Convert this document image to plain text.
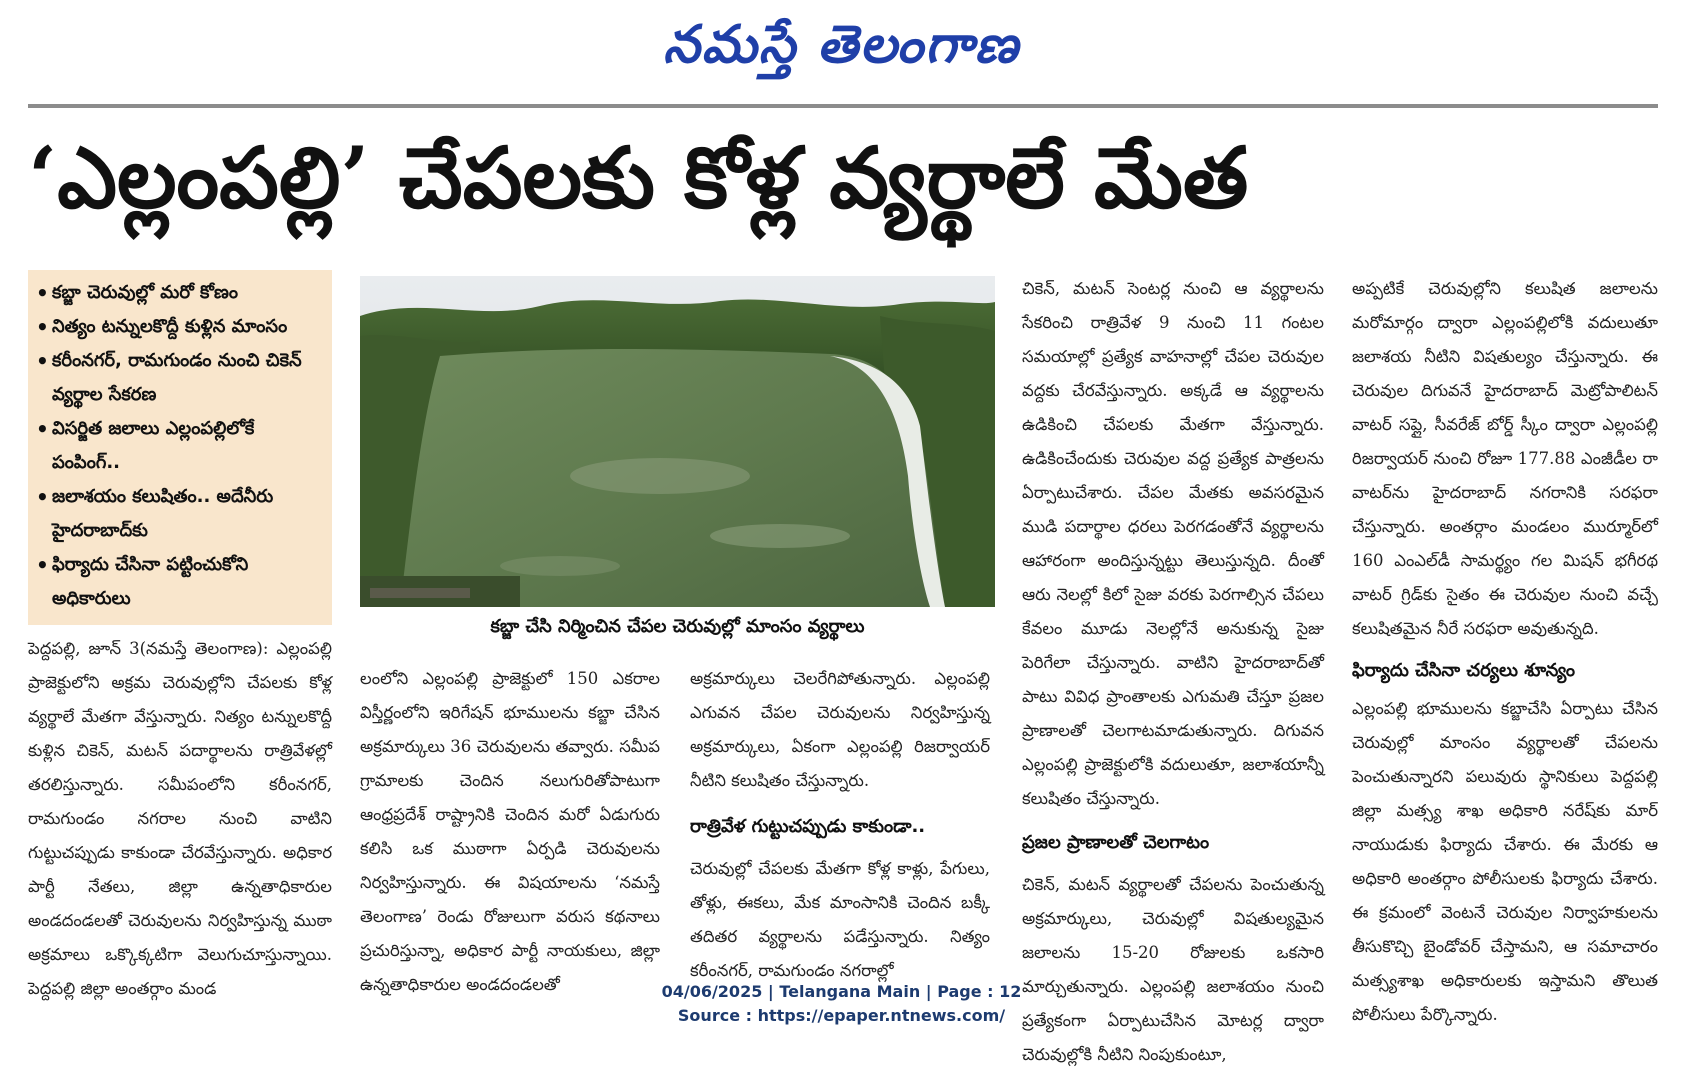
నమస్తే తెలంగాణ
‘ఎల్లంపల్లి’ చేపలకు కోళ్ల వ్యర్థాలే మేత
• కబ్జా చెరువుల్లో మరో కోణం
• నిత్యం టన్నులకొద్దీ కుళ్లిన మాంసం
• కరీంనగర్, రామగుండం నుంచి చికెన్ వ్యర్థాల సేకరణ
• విసర్జిత జలాలు ఎల్లంపల్లిలోకే పంపింగ్..
• జలాశయం కలుషితం.. అదేనీరు హైదరాబాద్‌కు
• ఫిర్యాదు చేసినా పట్టించుకోని అధికారులు
కబ్జా చేసి నిర్మించిన చేపల చెరువుల్లో మాంసం వ్యర్థాలు

పెద్దపల్లి, జూన్ 3(నమస్తే తెలంగాణ): ఎల్లంపల్లి ప్రాజెక్టులోని అక్రమ చెరువుల్లోని చేపలకు కోళ్ల వ్యర్థాలే మేతగా వేస్తున్నారు. నిత్యం టన్నులకొద్దీ కుళ్లిన చికెన్, మటన్ పదార్థాలను రాత్రివేళల్లో తరలిస్తున్నారు. సమీపంలోని కరీంనగర్, రామగుండం నగరాల నుంచి వాటిని గుట్టుచప్పుడు కాకుండా చేరవేస్తున్నారు. అధికార పార్టీ నేతలు, జిల్లా ఉన్నతాధికారుల అండదండలతో చెరువులను నిర్వహిస్తున్న ముఠా అక్రమాలు ఒక్కొక్కటిగా వెలుగుచూస్తున్నాయి. పెద్దపల్లి జిల్లా అంతర్గాం మండ

లంలోని ఎల్లంపల్లి ప్రాజెక్టులో 150 ఎకరాల విస్తీర్ణంలోని ఇరిగేషన్ భూములను కబ్జా చేసిన అక్రమార్కులు 36 చెరువులను తవ్వారు. సమీప గ్రామాలకు చెందిన నలుగురితోపాటుగా ఆంధ్రప్రదేశ్ రాష్ట్రానికి చెందిన మరో ఏడుగురు కలిసి ఒక ముఠాగా ఏర్పడి చెరువులను నిర్వహిస్తున్నారు. ఈ విషయాలను ‘నమస్తే తెలంగాణ’ రెండు రోజులుగా వరుస కథనాలు ప్రచురిస్తున్నా, అధికార పార్టీ నాయకులు, జిల్లా ఉన్నతాధికారుల అండదండలతో

అక్రమార్కులు చెలరేగిపోతున్నారు. ఎల్లంపల్లి ఎగువన చేపల చెరువులను నిర్వహిస్తున్న అక్రమార్కులు, ఏకంగా ఎల్లంపల్లి రిజర్వాయర్ నీటిని కలుషితం చేస్తున్నారు.

రాత్రివేళ గుట్టుచప్పుడు కాకుండా..

చెరువుల్లో చేపలకు మేతగా కోళ్ల కాళ్లు, పేగులు, తోళ్లు, ఈకలు, మేక మాంసానికి చెందిన బక్కీ తదితర వ్యర్థాలను పడేస్తున్నారు. నిత్యం కరీంనగర్, రామగుండం నగరాల్లో

చికెన్, మటన్ సెంటర్ల నుంచి ఆ వ్యర్థాలను సేకరించి రాత్రివేళ 9 నుంచి 11 గంటల సమయాల్లో ప్రత్యేక వాహనాల్లో చేపల చెరువుల వద్దకు చేరవేస్తున్నారు. అక్కడే ఆ వ్యర్థాలను ఉడికించి చేపలకు మేతగా వేస్తున్నారు. ఉడికించేందుకు చెరువుల వద్ద ప్రత్యేక పాత్రలను ఏర్పాటుచేశారు. చేపల మేతకు అవసరమైన ముడి పదార్థాల ధరలు పెరగడంతోనే వ్యర్థాలను ఆహారంగా అందిస్తున్నట్టు తెలుస్తున్నది. దీంతో ఆరు నెలల్లో కిలో సైజు వరకు పెరగాల్సిన చేపలు కేవలం మూడు నెలల్లోనే అనుకున్న సైజు పెరిగేలా చేస్తున్నారు. వాటిని హైదరాబాద్‌తో పాటు వివిధ ప్రాంతాలకు ఎగుమతి చేస్తూ ప్రజల ప్రాణాలతో చెలగాటమాడుతున్నారు. దిగువన ఎల్లంపల్లి ప్రాజెక్టులోకి వదులుతూ, జలాశయాన్నీ కలుషితం చేస్తున్నారు.

ప్రజల ప్రాణాలతో చెలగాటం

చికెన్, మటన్ వ్యర్థాలతో చేపలను పెంచుతున్న అక్రమార్కులు, చెరువుల్లో విషతుల్యమైన జలాలను 15-20 రోజులకు ఒకసారి మార్చుతున్నారు. ఎల్లంపల్లి జలాశయం నుంచి ప్రత్యేకంగా ఏర్పాటుచేసిన మోటర్ల ద్వారా చెరువుల్లోకి నీటిని నింపుకుంటూ,

అప్పటికే చెరువుల్లోని కలుషిత జలాలను మరోమార్గం ద్వారా ఎల్లంపల్లిలోకి వదులుతూ జలాశయ నీటిని విషతుల్యం చేస్తున్నారు. ఈ చెరువుల దిగువనే హైదరాబాద్ మెట్రోపాలిటన్ వాటర్ సప్లై, సీవరేజ్ బోర్డ్ స్కీం ద్వారా ఎల్లంపల్లి రిజర్వాయర్ నుంచి రోజూ 177.88 ఎంజీడీల రా వాటర్‌ను హైదరాబాద్ నగరానికి సరఫరా చేస్తున్నారు. అంతర్గాం మండలం ముర్మూర్‌లో 160 ఎంఎల్‌డీ సామర్థ్యం గల మిషన్ భగీరథ వాటర్ గ్రిడ్‌కు సైతం ఈ చెరువుల నుంచి వచ్చే కలుషితమైన నీరే సరఫరా అవుతున్నది.

ఫిర్యాదు చేసినా చర్యలు శూన్యం

ఎల్లంపల్లి భూములను కబ్జాచేసి ఏర్పాటు చేసిన చెరువుల్లో మాంసం వ్యర్థాలతో చేపలను పెంచుతున్నారని పలువురు స్థానికులు పెద్దపల్లి జిల్లా మత్స్య శాఖ అధికారి నరేష్‌కు మార్ నాయుడుకు ఫిర్యాదు చేశారు. ఈ మేరకు ఆ అధికారి అంతర్గాం పోలీసులకు ఫిర్యాదు చేశారు. ఈ క్రమంలో వెంటనే చెరువుల నిర్వాహకులను తీసుకొచ్చి బైండోవర్ చేస్తామని, ఆ సమాచారం మత్స్యశాఖ అధికారులకు ఇస్తామని తొలుత పోలీసులు పేర్కొన్నారు.

04/06/2025 | Telangana Main | Page : 12
Source : https://epaper.ntnews.com/
